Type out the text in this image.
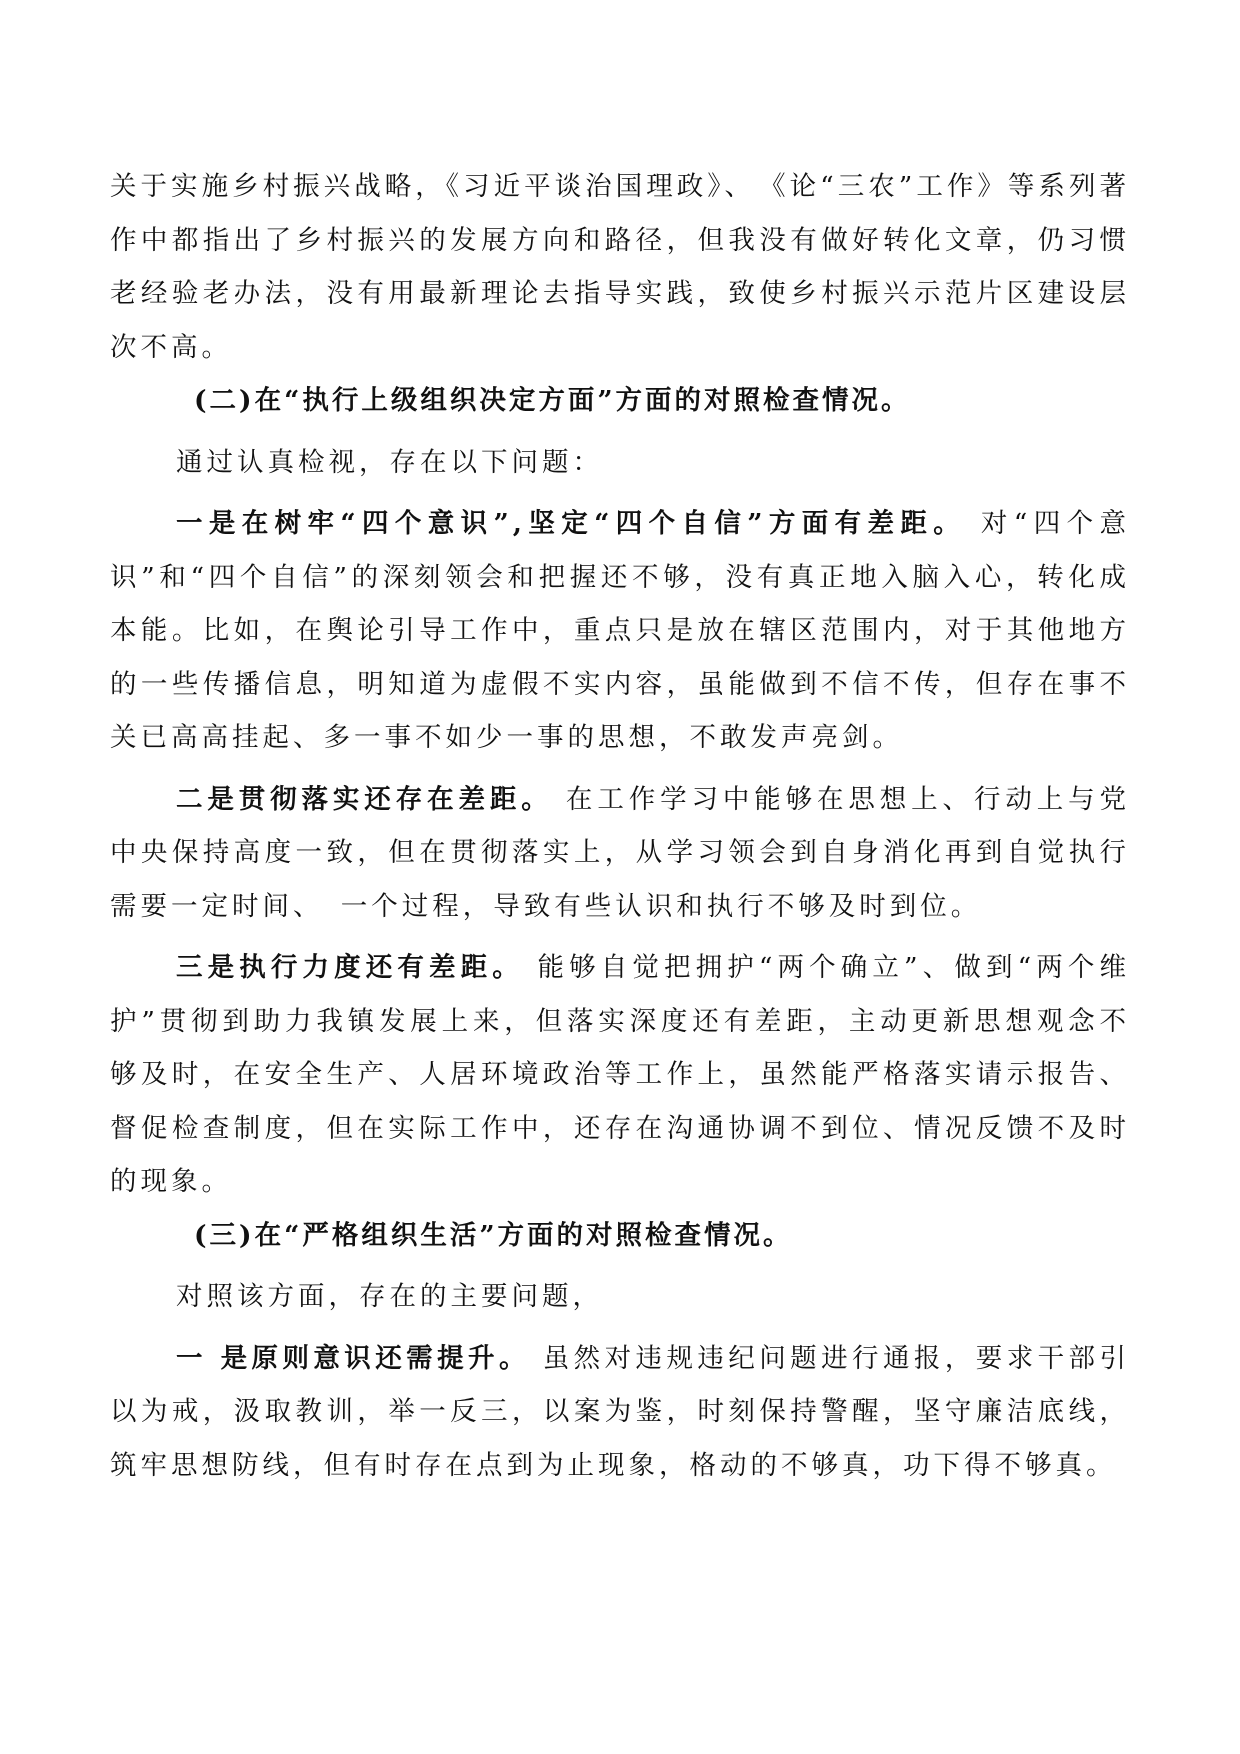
关于实施乡村振兴战略，《习近平谈治国理政》、　《论“三农”工作》等系列著作中都指出了乡村振兴的发展方向和路径，但我没有做好转化文章，仍习惯老经验老办法，没有用最新理论去指导实践，致使乡村振兴示范片区建设层次不高。

(二)在“执行上级组织决定方面”方面的对照检查情况。

通过认真检视，存在以下问题：

一是在树牢“四个意识”,坚定“四个自信”方面有差距。 对“四个意识”和“四个自信”的深刻领会和把握还不够，没有真正地入脑入心，转化成本能。比如，在舆论引导工作中，重点只是放在辖区范围内，对于其他地方的一些传播信息，明知道为虚假不实内容，虽能做到不信不传，但存在事不关已高高挂起、多一事不如少一事的思想，不敢发声亮剑。

二是贯彻落实还存在差距。 在工作学习中能够在思想上、行动上与党中央保持高度一致，但在贯彻落实上，从学习领会到自身消化再到自觉执行需要一定时间、　一个过程，导致有些认识和执行不够及时到位。

三是执行力度还有差距。 能够自觉把拥护“两个确立”、做到“两个维护”贯彻到助力我镇发展上来，但落实深度还有差距，主动更新思想观念不够及时，在安全生产、人居环境政治等工作上，虽然能严格落实请示报告、督促检查制度，但在实际工作中，还存在沟通协调不到位、情况反馈不及时的现象。

(三)在“严格组织生活”方面的对照检查情况。

对照该方面，存在的主要问题，

一 是原则意识还需提升。 虽然对违规违纪问题进行通报，要求干部引以为戒，汲取教训，举一反三，以案为鉴，时刻保持警醒，坚守廉洁底线，筑牢思想防线，但有时存在点到为止现象，格动的不够真，功下得不够真。
